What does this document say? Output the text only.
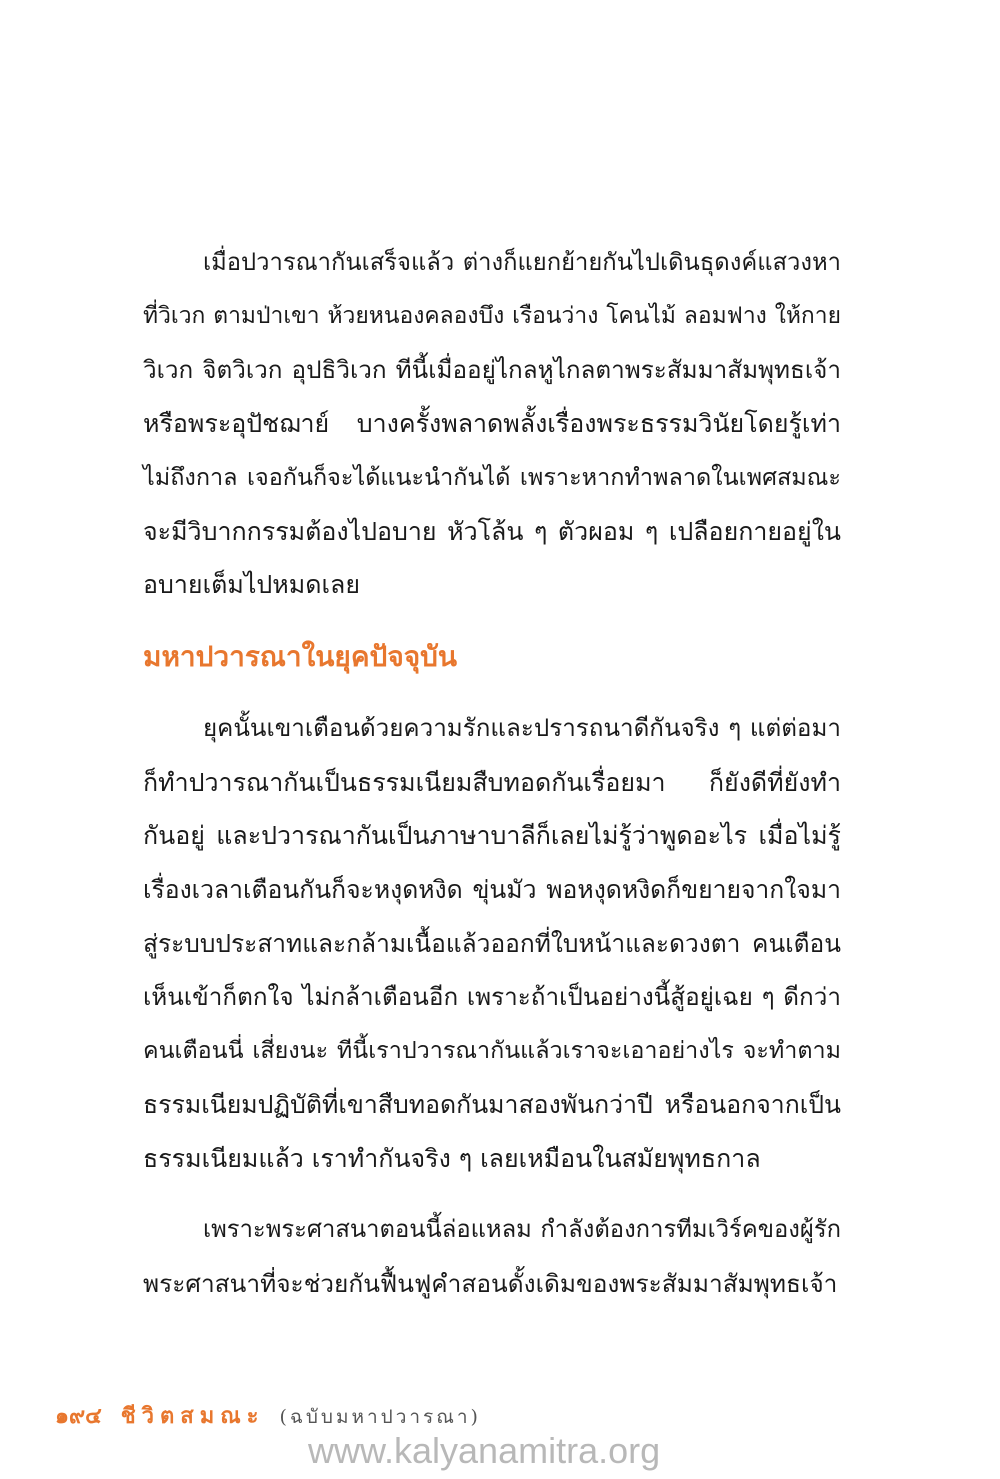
เมื่อปวารณากันเสร็จแล้ว ต่างก็แยกย้ายกันไปเดินธุดงค์แสวงหา
ที่วิเวก ตามป่าเขา ห้วยหนองคลองบึง เรือนว่าง โคนไม้ ลอมฟาง ให้กาย
วิเวก จิตวิเวก อุปธิวิเวก ทีนี้เมื่ออยู่ไกลหูไกลตาพระสัมมาสัมพุทธเจ้า
หรือพระอุปัชฌาย์ บางครั้งพลาดพลั้งเรื่องพระธรรมวินัยโดยรู้เท่า
ไม่ถึงกาล เจอกันก็จะได้แนะนำกันได้ เพราะหากทำพลาดในเพศสมณะ
จะมีวิบากกรรมต้องไปอบาย หัวโล้น ๆ ตัวผอม ๆ เปลือยกายอยู่ใน
อบายเต็มไปหมดเลย
มหาปวารณาในยุคปัจจุบัน
ยุคนั้นเขาเตือนด้วยความรักและปรารถนาดีกันจริง ๆ แต่ต่อมา
ก็ทำปวารณากันเป็นธรรมเนียมสืบทอดกันเรื่อยมา ก็ยังดีที่ยังทำ
กันอยู่ และปวารณากันเป็นภาษาบาลีก็เลยไม่รู้ว่าพูดอะไร เมื่อไม่รู้
เรื่องเวลาเตือนกันก็จะหงุดหงิด ขุ่นมัว พอหงุดหงิดก็ขยายจากใจมา
สู่ระบบประสาทและกล้ามเนื้อแล้วออกที่ใบหน้าและดวงตา คนเตือน
เห็นเข้าก็ตกใจ ไม่กล้าเตือนอีก เพราะถ้าเป็นอย่างนี้สู้อยู่เฉย ๆ ดีกว่า
คนเตือนนี่ เสี่ยงนะ ทีนี้เราปวารณากันแล้วเราจะเอาอย่างไร จะทำตาม
ธรรมเนียมปฏิบัติที่เขาสืบทอดกันมาสองพันกว่าปี หรือนอกจากเป็น
ธรรมเนียมแล้ว เราทำกันจริง ๆ เลยเหมือนในสมัยพุทธกาล
เพราะพระศาสนาตอนนี้ล่อแหลม กำลังต้องการทีมเวิร์คของผู้รัก
พระศาสนาที่จะช่วยกันฟื้นฟูคำสอนดั้งเดิมของพระสัมมาสัมพุทธเจ้า
๑๙๔ ชีวิตสมณะ (ฉบับมหาปวารณา)
www.kalyanamitra.org
